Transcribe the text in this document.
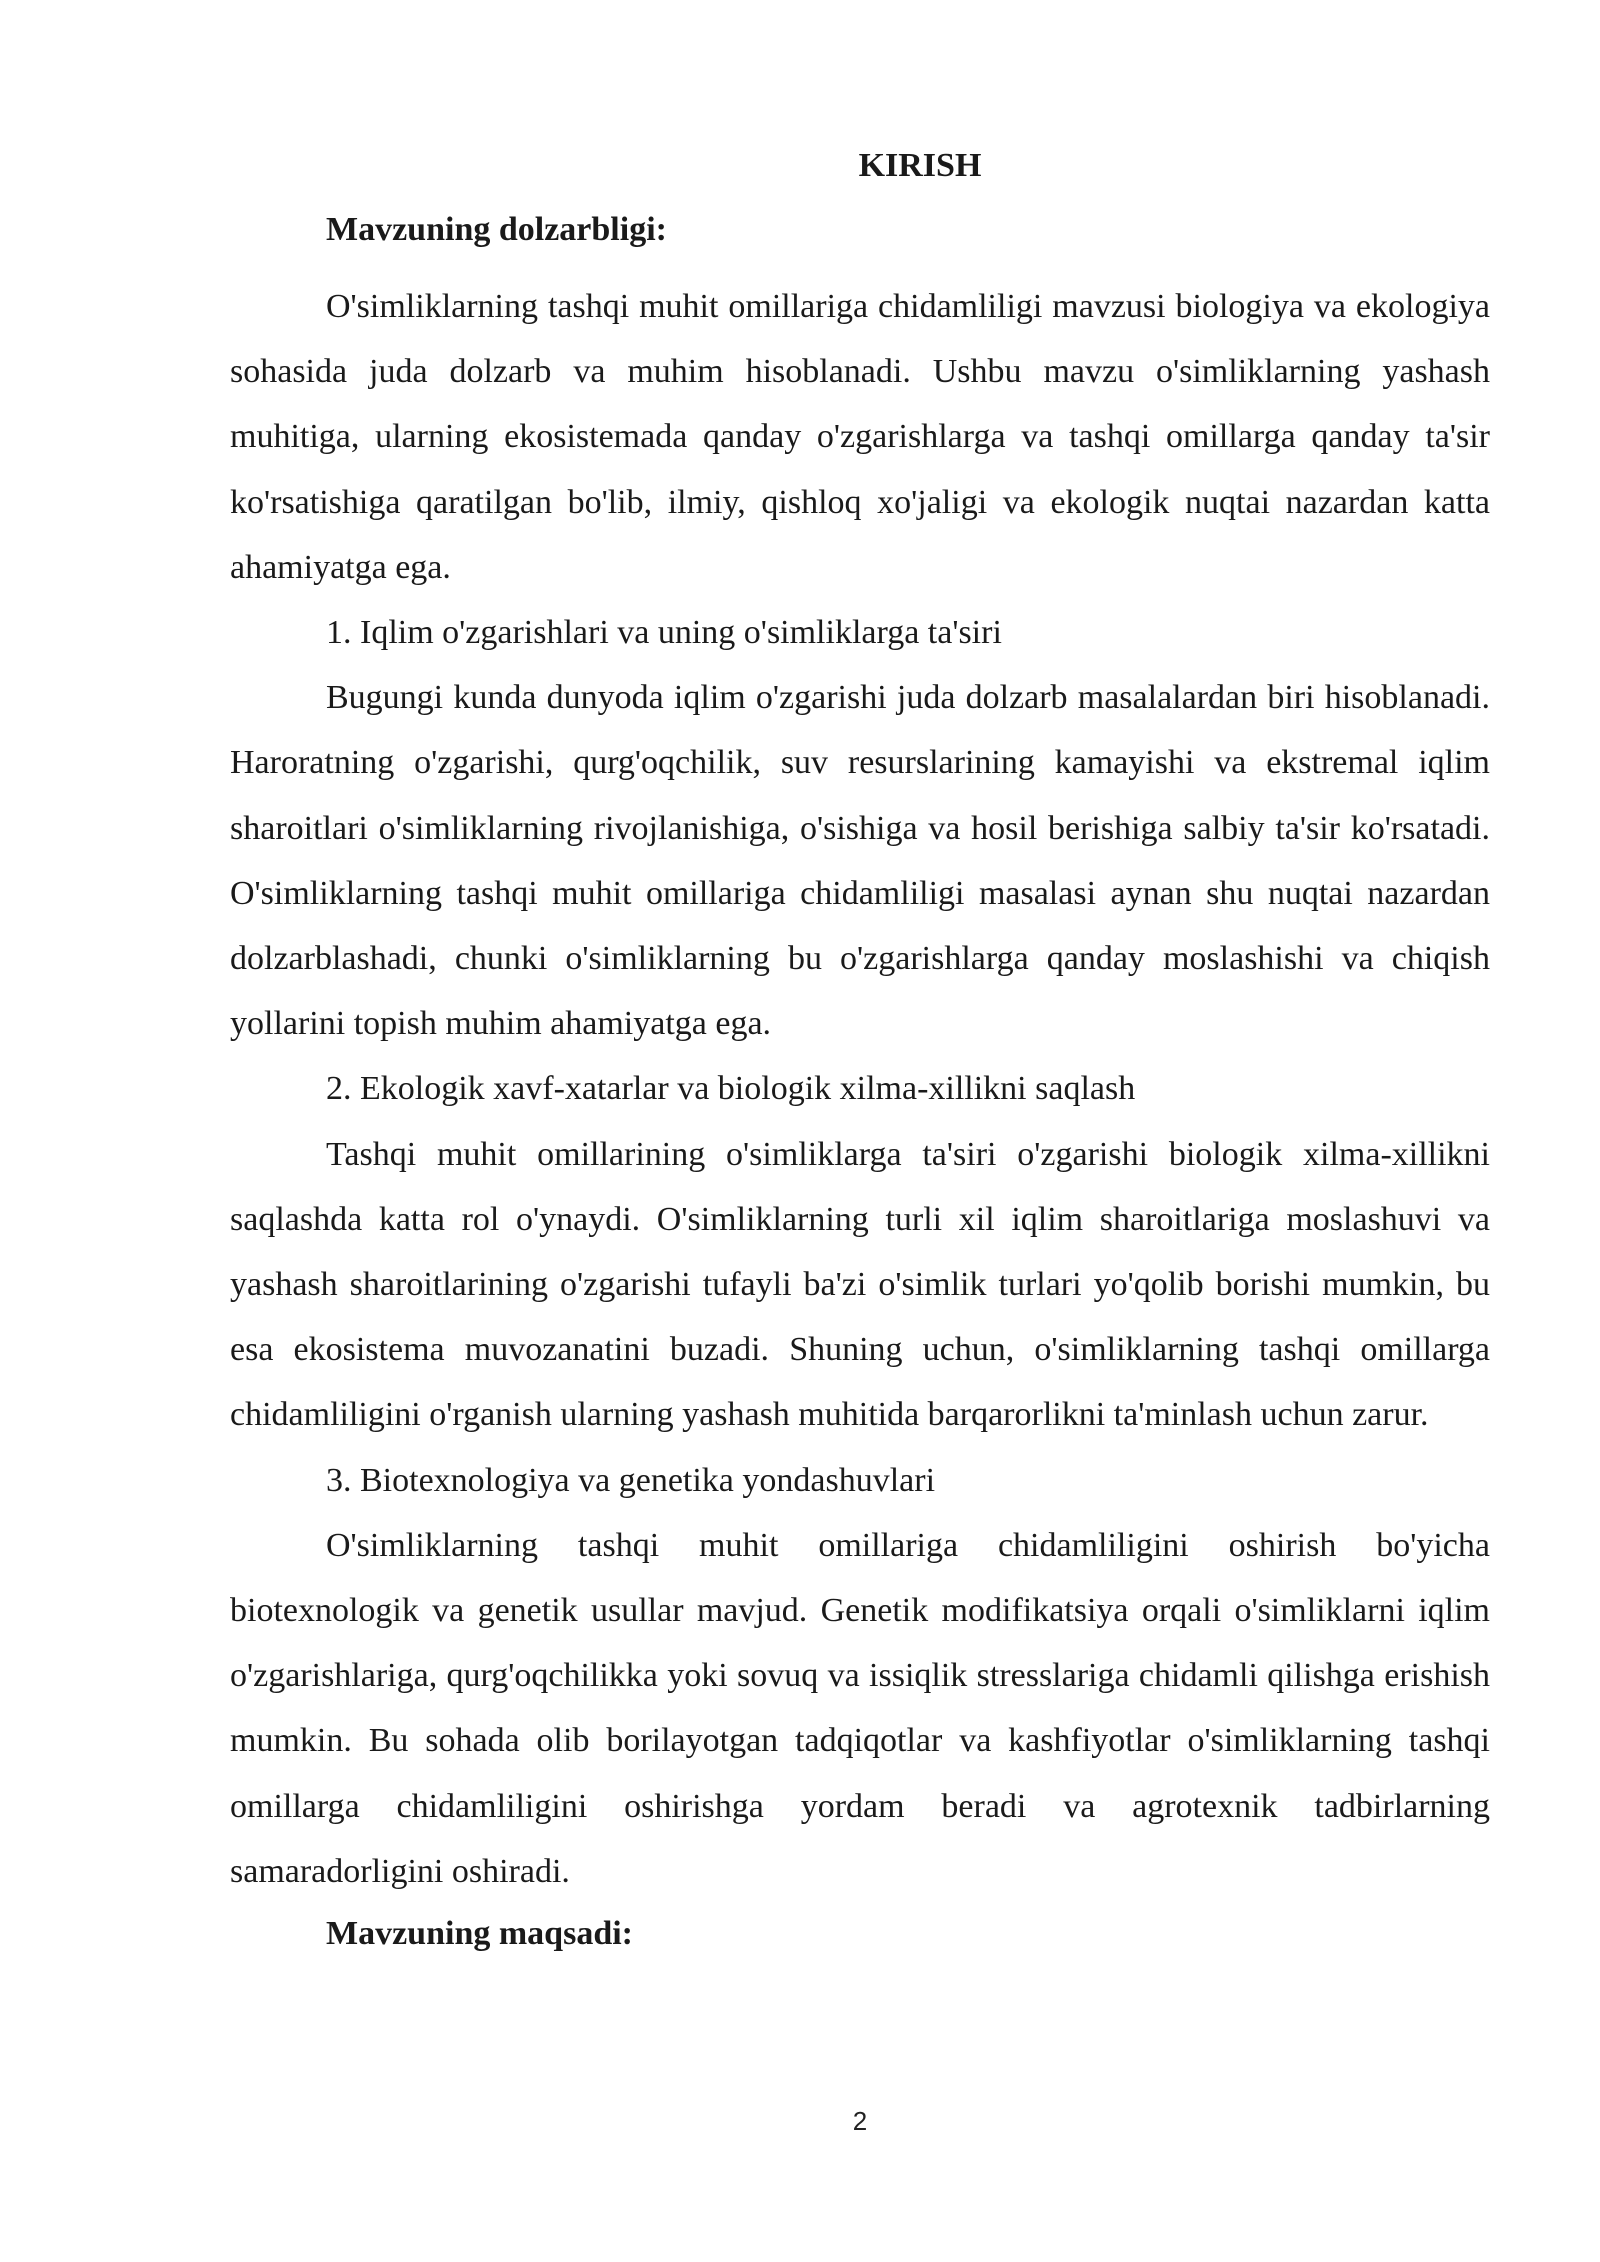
KIRISH
Mavzuning dolzarbligi:

O'simliklarning tashqi muhit omillariga chidamliligi mavzusi biologiya va ekologiya sohasida juda dolzarb va muhim hisoblanadi. Ushbu mavzu o'simliklarning yashash muhitiga, ularning ekosistemada qanday o'zgarishlarga va tashqi omillarga qanday ta'sir ko'rsatishiga qaratilgan bo'lib, ilmiy, qishloq xo'jaligi va ekologik nuqtai nazardan katta ahamiyatga ega.

1. Iqlim o'zgarishlari va uning o'simliklarga ta'siri

Bugungi kunda dunyoda iqlim o'zgarishi juda dolzarb masalalardan biri hisoblanadi. Haroratning o'zgarishi, qurg'oqchilik, suv resurslarining kamayishi va ekstremal iqlim sharoitlari o'simliklarning rivojlanishiga, o'sishiga va hosil berishiga salbiy ta'sir ko'rsatadi. O'simliklarning tashqi muhit omillariga chidamliligi masalasi aynan shu nuqtai nazardan dolzarblashadi, chunki o'simliklarning bu o'zgarishlarga qanday moslashishi va chiqish yollarini topish muhim ahamiyatga ega.

2. Ekologik xavf-xatarlar va biologik xilma-xillikni saqlash

Tashqi muhit omillarining o'simliklarga ta'siri o'zgarishi biologik xilma-xillikni saqlashda katta rol o'ynaydi. O'simliklarning turli xil iqlim sharoitlariga moslashuvi va yashash sharoitlarining o'zgarishi tufayli ba'zi o'simlik turlari yo'qolib borishi mumkin, bu esa ekosistema muvozanatini buzadi. Shuning uchun, o'simliklarning tashqi omillarga chidamliligini o'rganish ularning yashash muhitida barqarorlikni ta'minlash uchun zarur.

3. Biotexnologiya va genetika yondashuvlari

O'simliklarning tashqi muhit omillariga chidamliligini oshirish bo'yicha biotexnologik va genetik usullar mavjud. Genetik modifikatsiya orqali o'simliklarni iqlim o'zgarishlariga, qurg'oqchilikka yoki sovuq va issiqlik stresslariga chidamli qilishga erishish mumkin. Bu sohada olib borilayotgan tadqiqotlar va kashfiyotlar o'simliklarning tashqi omillarga chidamliligini oshirishga yordam beradi va agrotexnik tadbirlarning samaradorligini oshiradi.

Mavzuning maqsadi:
2
